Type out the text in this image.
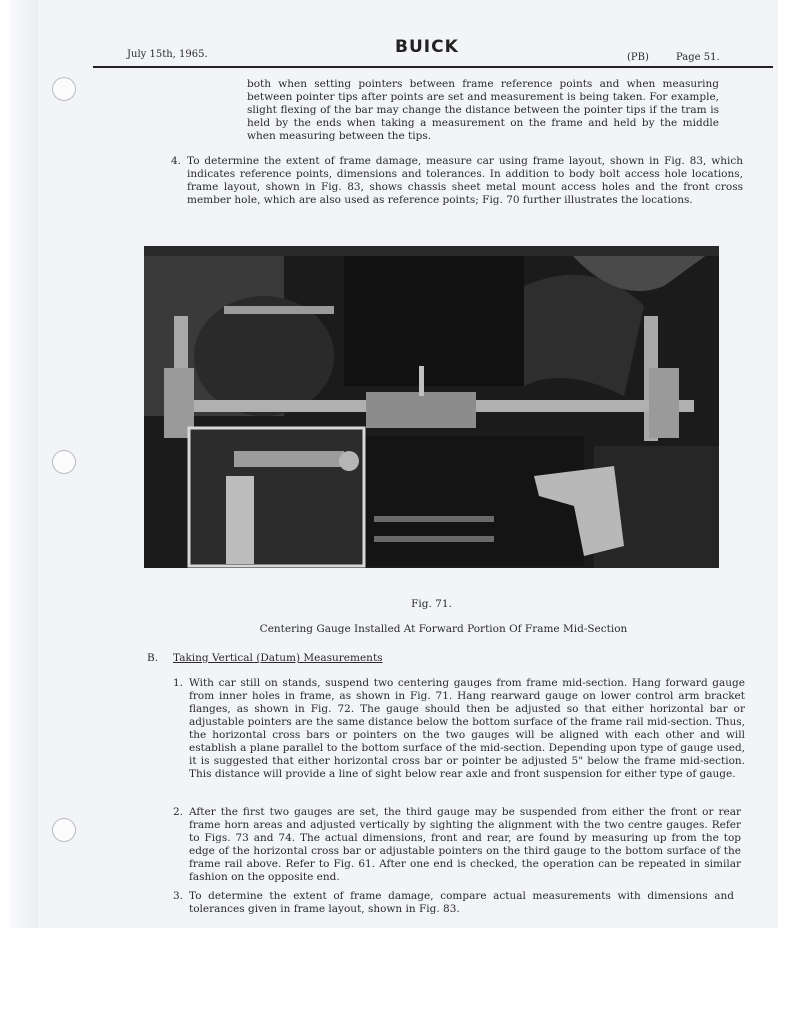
July 15th, 1965.	BUICK
(PB)	Page 51.
both when setting pointers between frame reference points and when measuring between pointer tips after points are set and measurement is being taken. For example, slight flexing of the bar may change the distance between the pointer tips if the tram is held by the ends when taking a measurement on the frame and held by the middle when measuring between the tips.
4. To determine the extent of frame damage, measure car using frame layout, shown in Fig. 83, which indicates reference points, dimensions and tolerances. In addition to body bolt access hole locations, frame layout, shown in Fig. 83, shows chassis sheet metal mount access holes and the front cross member hole, which are also used as reference points; Fig. 70 further illustrates the locations.
Fig. 71.
Centering Gauge Installed At Forward Portion Of Frame Mid-Section
B. Taking Vertical (Datum) Measurements
1. With car still on stands, suspend two centering gauges from frame mid-section. Hang forward gauge from inner holes in frame, as shown in Fig. 71. Hang rearward gauge on lower control arm bracket flanges, as shown in Fig. 72. The gauge should then be adjusted so that either horizontal bar or adjustable pointers are the same distance below the bottom surface of the frame rail mid-section. Thus, the horizontal cross bars or pointers on the two gauges will be aligned with each other and will establish a plane parallel to the bottom surface of the mid-section. Depending upon type of gauge used, it is suggested that either horizontal cross bar or pointer be adjusted 5" below the frame mid-section. This distance will provide a line of sight below rear axle and front suspension for either type of gauge.
2. After the first two gauges are set, the third gauge may be suspended from either the front or rear frame horn areas and adjusted vertically by sighting the alignment with the two centre gauges. Refer to Figs. 73 and 74. The actual dimensions, front and rear, are found by measuring up from the top edge of the horizontal cross bar or adjustable pointers on the third gauge to the bottom surface of the frame rail above. Refer to Fig. 61. After one end is checked, the operation can be repeated in similar fashion on the opposite end.
3. To determine the extent of frame damage, compare actual measurements with dimensions and tolerances given in frame layout, shown in Fig. 83.
